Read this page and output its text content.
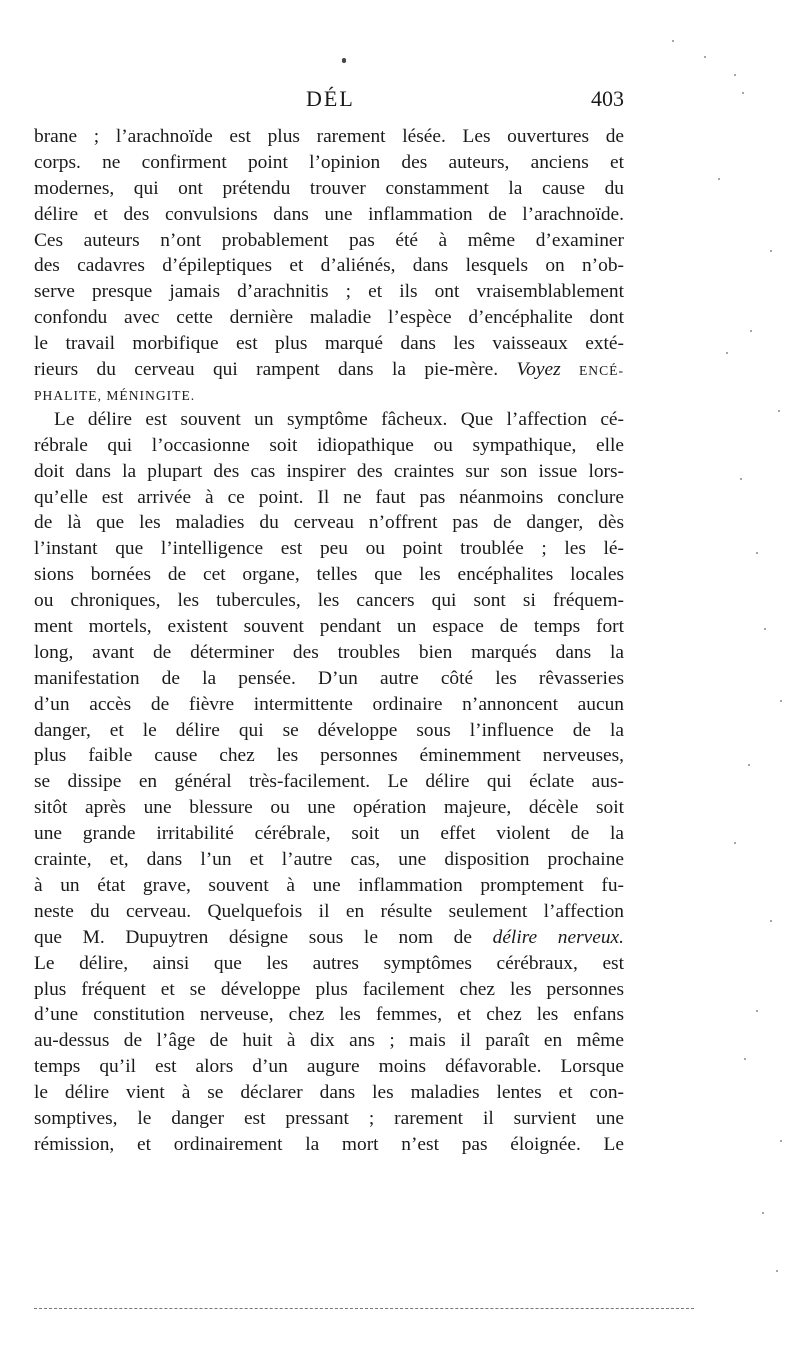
DÉL	403
brane ; l’arachnoïde est plus rarement lésée. Les ouvertures de
corps. ne confirment point l’opinion des auteurs, anciens et
modernes, qui ont prétendu trouver constamment la cause du
délire et des convulsions dans une inflammation de l’arachnoïde.
Ces auteurs n’ont probablement pas été à même d’examiner
des cadavres d’épileptiques et d’aliénés, dans lesquels on n’ob-
serve presque jamais d’arachnitis ; et ils ont vraisemblablement
confondu avec cette dernière maladie l’espèce d’encéphalite dont
le travail morbifique est plus marqué dans les vaisseaux exté-
rieurs du cerveau qui rampent dans la pie-mère. Voyez ENCÉ-
PHALITE, MÉNINGITE.
Le délire est souvent un symptôme fâcheux. Que l’affection cé-
rébrale qui l’occasionne soit idiopathique ou sympathique, elle
doit dans la plupart des cas inspirer des craintes sur son issue lors-
qu’elle est arrivée à ce point. Il ne faut pas néanmoins conclure
de là que les maladies du cerveau n’offrent pas de danger, dès
l’instant que l’intelligence est peu ou point troublée ; les lé-
sions bornées de cet organe, telles que les encéphalites locales
ou chroniques, les tubercules, les cancers qui sont si fréquem-
ment mortels, existent souvent pendant un espace de temps fort
long, avant de déterminer des troubles bien marqués dans la
manifestation de la pensée. D’un autre côté les rêvasseries
d’un accès de fièvre intermittente ordinaire n’annoncent aucun
danger, et le délire qui se développe sous l’influence de la
plus faible cause chez les personnes éminemment nerveuses,
se dissipe en général très-facilement. Le délire qui éclate aus-
sitôt après une blessure ou une opération majeure, décèle soit
une grande irritabilité cérébrale, soit un effet violent de la
crainte, et, dans l’un et l’autre cas, une disposition prochaine
à un état grave, souvent à une inflammation promptement fu-
neste du cerveau. Quelquefois il en résulte seulement l’affection
que M. Dupuytren désigne sous le nom de délire nerveux.
Le délire, ainsi que les autres symptômes cérébraux, est
plus fréquent et se développe plus facilement chez les personnes
d’une constitution nerveuse, chez les femmes, et chez les enfans
au-dessus de l’âge de huit à dix ans ; mais il paraît en même
temps qu’il est alors d’un augure moins défavorable. Lorsque
le délire vient à se déclarer dans les maladies lentes et con-
somptives, le danger est pressant ; rarement il survient une
rémission, et ordinairement la mort n’est pas éloignée. Le
